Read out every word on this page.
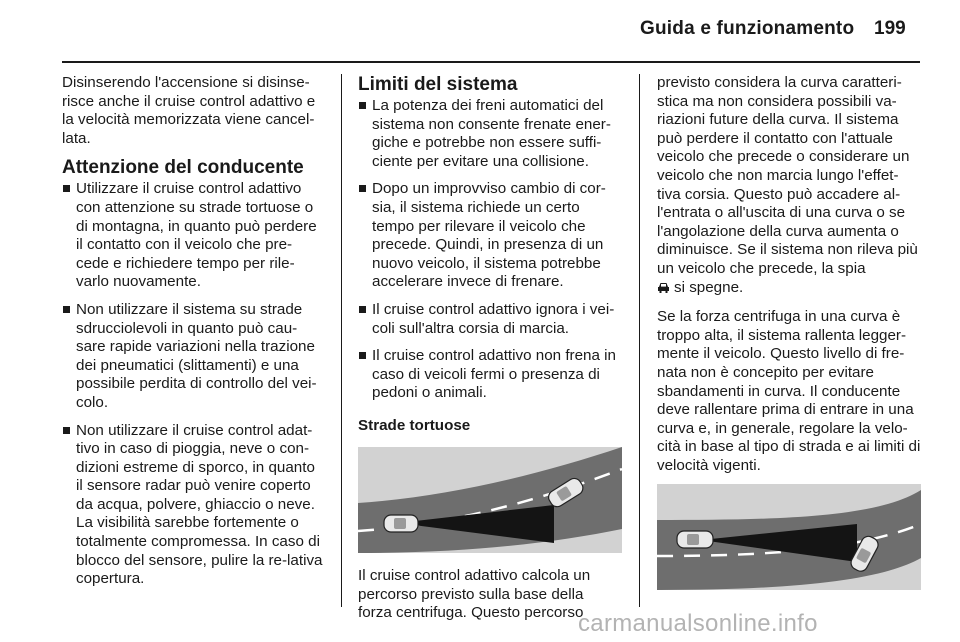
Guida e funzionamento 199

Disinserendo l'accensione si disinse-risce anche il cruise control adattivo e la velocità memorizzata viene cancel-lata.

Attenzione del conducente
Utilizzare il cruise control adattivo con attenzione su strade tortuose o di montagna, in quanto può perdere il contatto con il veicolo che pre-cede e richiedere tempo per rile-varlo nuovamente.
Non utilizzare il sistema su strade sdrucciolevoli in quanto può cau-sare rapide variazioni nella trazione dei pneumatici (slittamenti) e una possibile perdita di controllo del vei-colo.
Non utilizzare il cruise control adat-tivo in caso di pioggia, neve o con-dizioni estreme di sporco, in quanto il sensore radar può venire coperto da acqua, polvere, ghiaccio o neve. La visibilità sarebbe fortemente o totalmente compromessa. In caso di blocco del sensore, pulire la re-lativa copertura.
Limiti del sistema
La potenza dei freni automatici del sistema non consente frenate ener-giche e potrebbe non essere suffi-ciente per evitare una collisione.
Dopo un improvviso cambio di cor-sia, il sistema richiede un certo tempo per rilevare il veicolo che precede. Quindi, in presenza di un nuovo veicolo, il sistema potrebbe accelerare invece di frenare.
Il cruise control adattivo ignora i vei-coli sull'altra corsia di marcia.
Il cruise control adattivo non frena in caso di veicoli fermi o presenza di pedoni o animali.
Strade tortuose

Il cruise control adattivo calcola un percorso previsto sulla base della forza centrifuga. Questo percorso

previsto considera la curva caratteri-stica ma non considera possibili va-riazioni future della curva. Il sistema può perdere il contatto con l'attuale veicolo che precede o considerare un veicolo che non marcia lungo l'effet-tiva corsia. Questo può accadere al-l'entrata o all'uscita di una curva o se l'angolazione della curva aumenta o diminuisce. Se il sistema non rileva più un veicolo che precede, la spia
si spegne.

Se la forza centrifuga in una curva è troppo alta, il sistema rallenta legger-mente il veicolo. Questo livello di fre-nata non è concepito per evitare sbandamenti in curva. Il conducente deve rallentare prima di entrare in una curva e, in generale, regolare la velo-cità in base al tipo di strada e ai limiti di velocità vigenti.

carmanualsonline.info
